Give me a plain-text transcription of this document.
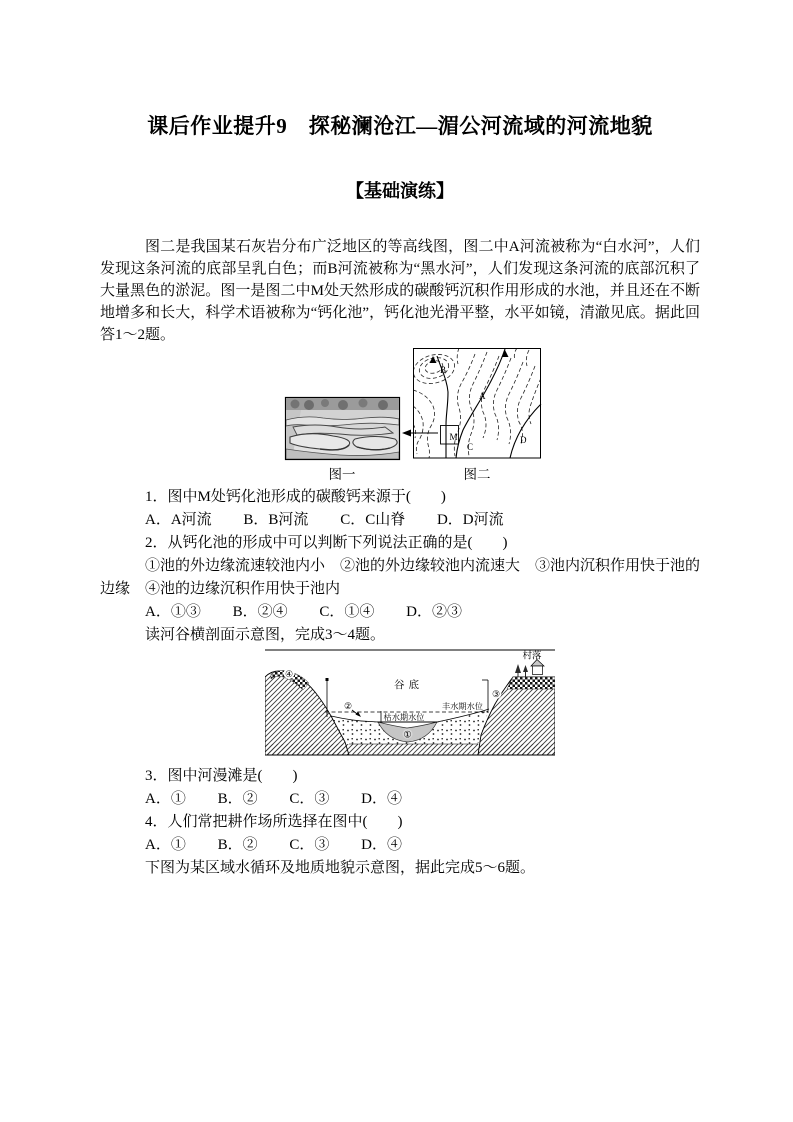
课后作业提升9　探秘澜沧江—湄公河流域的河流地貌
【基础演练】

图二是我国某石灰岩分布广泛地区的等高线图，图二中A河流被称为“白水河”，人们发现这条河流的底部呈乳白色；而B河流被称为“黑水河”，人们发现这条河流的底部沉积了大量黑色的淤泥。图一是图二中M处天然形成的碳酸钙沉积作用形成的水池，并且还在不断地增多和长大，科学术语被称为“钙化池”，钙化池光滑平整，水平如镜，清澈见底。据此回答1～2题。

B
A
M
C
D
图一	图二

1．图中M处钙化池形成的碳酸钙来源于(　　)

A．A河流 B．B河流 C．C山脊 D．D河流

2．从钙化池的形成中可以判断下列说法正确的是(　　)

①池的外边缘流速较池内小　②池的外边缘较池内流速大　③池内沉积作用快于池的边缘　④池的边缘沉积作用快于池内

A．①③ B．②④ C．①④ D．②③

读河谷横剖面示意图，完成3～4题。

④
②
③
①
村落
谷底
丰水期水位
枯水期水位

3．图中河漫滩是(　　)

A．① B．② C．③ D．④

4．人们常把耕作场所选择在图中(　　)

A．① B．② C．③ D．④

下图为某区域水循环及地质地貌示意图，据此完成5～6题。
